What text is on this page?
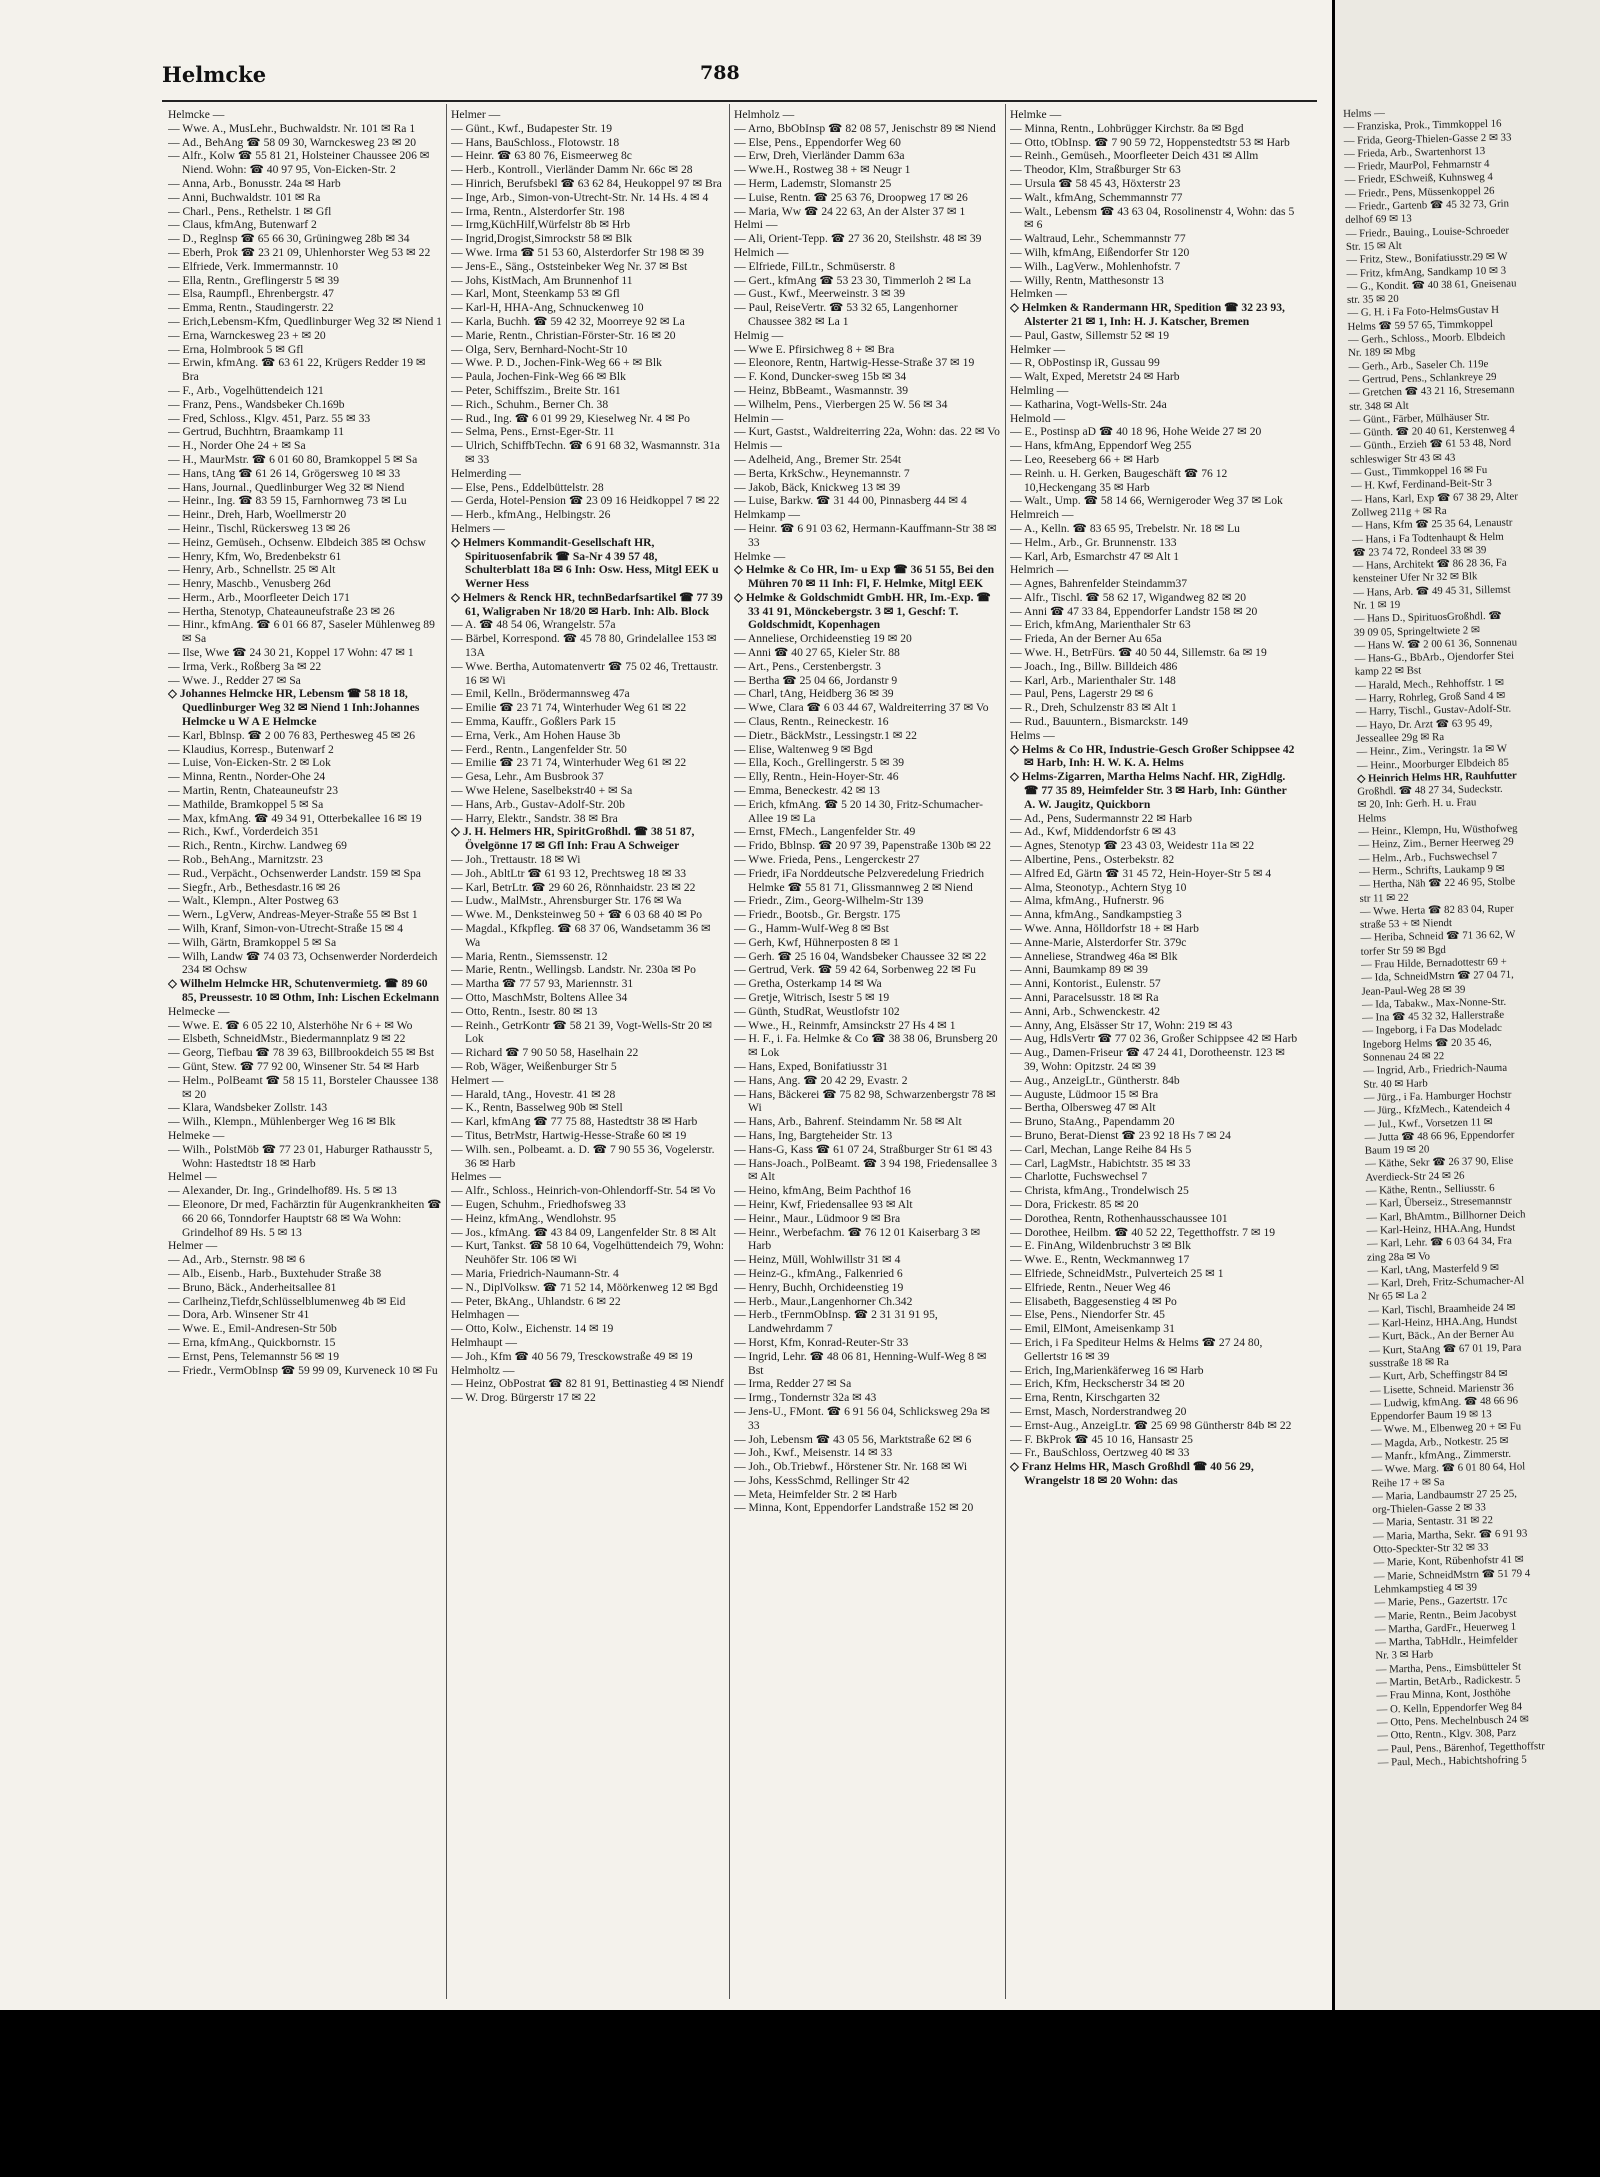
Helmcke	788
Helmcke —
— Wwe. A., MusLehr., Buchwaldstr. Nr. 101 ✉ Ra 1
— Ad., BehAng ☎ 58 09 30, Warnckesweg 23 ✉ 20
— Alfr., Kolw ☎ 55 81 21, Holsteiner Chaussee 206 ✉ Niend. Wohn: ☎ 40 97 95, Von-Eicken-Str. 2
— Anna, Arb., Bonusstr. 24a ✉ Harb
— Anni, Buchwaldstr. 101 ✉ Ra
— Charl., Pens., Rethelstr. 1 ✉ Gfl
— Claus, kfmAng, Butenwarf 2
— D., Reglnsp ☎ 65 66 30, Grüningweg 28b ✉ 34
— Eberh, Prok ☎ 23 21 09, Uhlenhorster Weg 53 ✉ 22
— Elfriede, Verk. Immermannstr. 10
— Ella, Rentn., Greflingerstr 5 ✉ 39
— Elsa, Raumpfl., Ehrenbergstr. 47
— Emma, Rentn., Staudingerstr. 22
— Erich,Lebensm-Kfm, Quedlinburger Weg 32 ✉ Niend 1
— Erna, Warnckesweg 23 + ✉ 20
— Erna, Holmbrook 5 ✉ Gfl
— Erwin, kfmAng. ☎ 63 61 22, Krügers Redder 19 ✉ Bra
— F., Arb., Vogelhüttendeich 121
— Franz, Pens., Wandsbeker Ch.169b
— Fred, Schloss., Klgv. 451, Parz. 55 ✉ 33
— Gertrud, Buchhtrn, Braamkamp 11
— H., Norder Ohe 24 + ✉ Sa
— H., MaurMstr. ☎ 6 01 60 80, Bramkoppel 5 ✉ Sa
— Hans, tAng ☎ 61 26 14, Grögersweg 10 ✉ 33
— Hans, Journal., Quedlinburger Weg 32 ✉ Niend
— Heinr., Ing. ☎ 83 59 15, Farnhornweg 73 ✉ Lu
— Heinr., Dreh, Harb, Woellmerstr 20
— Heinr., Tischl, Rückersweg 13 ✉ 26
— Heinz, Gemüseh., Ochsenw. Elbdeich 385 ✉ Ochsw
— Henry, Kfm, Wo, Bredenbekstr 61
— Henry, Arb., Schnellstr. 25 ✉ Alt
— Henry, Maschb., Venusberg 26d
— Herm., Arb., Moorfleeter Deich 171
— Hertha, Stenotyp, Chateauneufstraße 23 ✉ 26
— Hinr., kfmAng. ☎ 6 01 66 87, Saseler Mühlenweg 89 ✉ Sa
— Ilse, Wwe ☎ 24 30 21, Koppel 17 Wohn: 47 ✉ 1
— Irma, Verk., Roßberg 3a ✉ 22
— Wwe. J., Redder 27 ✉ Sa
◇ Johannes Helmcke HR, Lebensm ☎ 58 18 18, Quedlinburger Weg 32 ✉ Niend 1 Inh:Johannes Helmcke u W A E Helmcke
— Karl, Bblnsp. ☎ 2 00 76 83, Perthesweg 45 ✉ 26
— Klaudius, Korresp., Butenwarf 2
— Luise, Von-Eicken-Str. 2 ✉ Lok
— Minna, Rentn., Norder-Ohe 24
— Martin, Rentn, Chateauneufstr 23
— Mathilde, Bramkoppel 5 ✉ Sa
— Max, kfmAng. ☎ 49 34 91, Otterbekallee 16 ✉ 19
— Rich., Kwf., Vorderdeich 351
— Rich., Rentn., Kirchw. Landweg 69
— Rob., BehAng., Marnitzstr. 23
— Rud., Verpächt., Ochsenwerder Landstr. 159 ✉ Spa
— Siegfr., Arb., Bethesdastr.16 ✉ 26
— Walt., Klempn., Alter Postweg 63
— Wern., LgVerw, Andreas-Meyer-Straße 55 ✉ Bst 1
— Wilh, Kranf, Simon-von-Utrecht-Straße 15 ✉ 4
— Wilh, Gärtn, Bramkoppel 5 ✉ Sa
— Wilh, Landw ☎ 74 03 73, Ochsenwerder Norderdeich 234 ✉ Ochsw
◇ Wilhelm Helmcke HR, Schutenvermietg. ☎ 89 60 85, Preussestr. 10 ✉ Othm, Inh: Lischen Eckelmann
Helmecke —
— Wwe. E. ☎ 6 05 22 10, Alsterhöhe Nr 6 + ✉ Wo
— Elsbeth, SchneidMstr., Biedermannplatz 9 ✉ 22
— Georg, Tiefbau ☎ 78 39 63, Billbrookdeich 55 ✉ Bst
— Günt, Stew. ☎ 77 92 00, Winsener Str. 54 ✉ Harb
— Helm., PolBeamt ☎ 58 15 11, Borsteler Chaussee 138 ✉ 20
— Klara, Wandsbeker Zollstr. 143
— Wilh., Klempn., Mühlenberger Weg 16 ✉ Blk
Helmeke —
— Wilh., PolstMöb ☎ 77 23 01, Haburger Rathausstr 5, Wohn: Hastedtstr 18 ✉ Harb
Helmel —
— Alexander, Dr. Ing., Grindelhof89. Hs. 5 ✉ 13
— Eleonore, Dr med, Fachärztin für Augenkrankheiten ☎ 66 20 66, Tonndorfer Hauptstr 68 ✉ Wa Wohn: Grindelhof 89 Hs. 5 ✉ 13
Helmer —
— Ad., Arb., Sternstr. 98 ✉ 6
— Alb., Eisenb., Harb., Buxtehuder Straße 38
— Bruno, Bäck., Anderheitsallee 81
— Carlheinz,Tiefdr,Schlüsselblumenweg 4b ✉ Eid
— Dora, Arb. Winsener Str 41
— Wwe. E., Emil-Andresen-Str 50b
— Erna, kfmAng., Quickbornstr. 15
— Ernst, Pens, Telemannstr 56 ✉ 19
— Friedr., VermObInsp ☎ 59 99 09, Kurveneck 10 ✉ Fu
Helmer —
— Günt., Kwf., Budapester Str. 19
— Hans, BauSchloss., Flotowstr. 18
— Heinr. ☎ 63 80 76, Eismeerweg 8c
— Herb., Kontroll., Vierländer Damm Nr. 66c ✉ 28
— Hinrich, Berufsbekl ☎ 63 62 84, Heukoppel 97 ✉ Bra
— Inge, Arb., Simon-von-Utrecht-Str. Nr. 14 Hs. 4 ✉ 4
— Irma, Rentn., Alsterdorfer Str. 198
— Irmg,KüchHilf,Würfelstr 8b ✉ Hrb
— Ingrid,Drogist,Simrockstr 58 ✉ Blk
— Wwe. Irma ☎ 51 53 60, Alsterdorfer Str 198 ✉ 39
— Jens-E., Säng., Oststeinbeker Weg Nr. 37 ✉ Bst
— Johs, KistMach, Am Brunnenhof 11
— Karl, Mont, Steenkamp 53 ✉ Gfl
— Karl-H, HHA-Ang, Schnuckenweg 10
— Karla, Buchh. ☎ 59 42 32, Moorreye 92 ✉ La
— Marie, Rentn., Christian-Förster-Str. 16 ✉ 20
— Olga, Serv, Bernhard-Nocht-Str 10
— Wwe. P. D., Jochen-Fink-Weg 66 + ✉ Blk
— Paula, Jochen-Fink-Weg 66 ✉ Blk
— Peter, Schiffszim., Breite Str. 161
— Rich., Schuhm., Berner Ch. 38
— Rud., Ing. ☎ 6 01 99 29, Kieselweg Nr. 4 ✉ Po
— Selma, Pens., Ernst-Eger-Str. 11
— Ulrich, SchiffbTechn. ☎ 6 91 68 32, Wasmannstr. 31a ✉ 33
Helmerding —
— Else, Pens., Eddelbüttelstr. 28
— Gerda, Hotel-Pension ☎ 23 09 16 Heidkoppel 7 ✉ 22
— Herb., kfmAng., Helbingstr. 26
Helmers —
◇ Helmers Kommandit-Gesellschaft HR, Spirituosenfabrik ☎ Sa-Nr 4 39 57 48, Schulterblatt 18a ✉ 6 Inh: Osw. Hess, Mitgl EEK u Werner Hess
◇ Helmers & Renck HR, technBedarfsartikel ☎ 77 39 61, Waligraben Nr 18/20 ✉ Harb. Inh: Alb. Block
— A. ☎ 48 54 06, Wrangelstr. 57a
— Bärbel, Korrespond. ☎ 45 78 80, Grindelallee 153 ✉ 13A
— Wwe. Bertha, Automatenvertr ☎ 75 02 46, Trettaustr. 16 ✉ Wi
— Emil, Kelln., Brödermannsweg 47a
— Emilie ☎ 23 71 74, Winterhuder Weg 61 ✉ 22
— Emma, Kauffr., Goßlers Park 15
— Erna, Verk., Am Hohen Hause 3b
— Ferd., Rentn., Langenfelder Str. 50
— Emilie ☎ 23 71 74, Winterhuder Weg 61 ✉ 22
— Gesa, Lehr., Am Busbrook 37
— Wwe Helene, Saselbekstr40 + ✉ Sa
— Hans, Arb., Gustav-Adolf-Str. 20b
— Harry, Elektr., Sandstr. 38 ✉ Bra
◇ J. H. Helmers HR, SpiritGroßhdl. ☎ 38 51 87, Övelgönne 17 ✉ Gfl Inh: Frau A Schweiger
— Joh., Trettaustr. 18 ✉ Wi
— Joh., AbltLtr ☎ 61 93 12, Prechtsweg 18 ✉ 33
— Karl, BetrLtr. ☎ 29 60 26, Rönnhaidstr. 23 ✉ 22
— Ludw., MalMstr., Ahrensburger Str. 176 ✉ Wa
— Wwe. M., Denksteinweg 50 + ☎ 6 03 68 40 ✉ Po
— Magdal., Kfkpfleg. ☎ 68 37 06, Wandsetamm 36 ✉ Wa
— Maria, Rentn., Siemssenstr. 12
— Marie, Rentn., Wellingsb. Landstr. Nr. 230a ✉ Po
— Martha ☎ 77 57 93, Mariennstr. 31
— Otto, MaschMstr, Boltens Allee 34
— Otto, Rentn., Isestr. 80 ✉ 13
— Reinh., GetrKontr ☎ 58 21 39, Vogt-Wells-Str 20 ✉ Lok
— Richard ☎ 7 90 50 58, Haselhain 22
— Rob, Wäger, Weißenburger Str 5
Helmert —
— Harald, tAng., Hovestr. 41 ✉ 28
— K., Rentn, Basselweg 90b ✉ Stell
— Karl, kfmAng ☎ 77 75 88, Hastedtstr 38 ✉ Harb
— Titus, BetrMstr, Hartwig-Hesse-Straße 60 ✉ 19
— Wilh. sen., Polbeamt. a. D. ☎ 7 90 55 36, Vogelerstr. 36 ✉ Harb
Helmes —
— Alfr., Schloss., Heinrich-von-Ohlendorff-Str. 54 ✉ Vo
— Eugen, Schuhm., Friedhofsweg 33
— Heinz, kfmAng., Wendlohstr. 95
— Jos., kfmAng. ☎ 43 84 09, Langenfelder Str. 8 ✉ Alt
— Kurt, Tankst. ☎ 58 10 64, Vogelhüttendeich 79, Wohn: Neuhöfer Str. 106 ✉ Wi
— Maria, Friedrich-Naumann-Str. 4
— N., DiplVolksw. ☎ 71 52 14, Möörkenweg 12 ✉ Bgd
— Peter, BkAng., Uhlandstr. 6 ✉ 22
Helmhagen —
— Otto, Kolw., Eichenstr. 14 ✉ 19
Helmhaupt —
— Joh., Kfm ☎ 40 56 79, Tresckowstraße 49 ✉ 19
Helmholtz —
— Heinz, ObPostrat ☎ 82 81 91, Bettinastieg 4 ✉ Niendf
— W. Drog. Bürgerstr 17 ✉ 22
Helmholz —
— Arno, BbObInsp ☎ 82 08 57, Jenischstr 89 ✉ Niend
— Else, Pens., Eppendorfer Weg 60
— Erw, Dreh, Vierländer Damm 63a
— Wwe.H., Rostweg 38 + ✉ Neugr 1
— Herm, Lademstr, Slomanstr 25
— Luise, Rentn. ☎ 25 63 76, Droopweg 17 ✉ 26
— Maria, Ww ☎ 24 22 63, An der Alster 37 ✉ 1
Helmi —
— Ali, Orient-Tepp. ☎ 27 36 20, Steilshstr. 48 ✉ 39
Helmich —
— Elfriede, FilLtr., Schmüserstr. 8
— Gert., kfmAng ☎ 53 23 30, Timmerloh 2 ✉ La
— Gust., Kwf., Meerweinstr. 3 ✉ 39
— Paul, ReiseVertr. ☎ 53 32 65, Langenhorner Chaussee 382 ✉ La 1
Helmig —
— Wwe E. Pfirsichweg 8 + ✉ Bra
— Eleonore, Rentn, Hartwig-Hesse-Straße 37 ✉ 19
— F. Kond, Duncker-sweg 15b ✉ 34
— Heinz, BbBeamt., Wasmannstr. 39
— Wilhelm, Pens., Vierbergen 25 W. 56 ✉ 34
Helmin —
— Kurt, Gastst., Waldreiterring 22a, Wohn: das. 22 ✉ Vo
Helmis —
— Adelheid, Ang., Bremer Str. 254t
— Berta, KrkSchw., Heynemannstr. 7
— Jakob, Bäck, Knickweg 13 ✉ 39
— Luise, Barkw. ☎ 31 44 00, Pinnasberg 44 ✉ 4
Helmkamp —
— Heinr. ☎ 6 91 03 62, Hermann-Kauffmann-Str 38 ✉ 33
Helmke —
◇ Helmke & Co HR, Im- u Exp ☎ 36 51 55, Bei den Mühren 70 ✉ 11 Inh: Fl, F. Helmke, Mitgl EEK
◇ Helmke & Goldschmidt GmbH. HR, Im.-Exp. ☎ 33 41 91, Mönckebergstr. 3 ✉ 1, Geschf: T. Goldschmidt, Kopenhagen
— Anneliese, Orchideenstieg 19 ✉ 20
— Anni ☎ 40 27 65, Kieler Str. 88
— Art., Pens., Cerstenbergstr. 3
— Bertha ☎ 25 04 66, Jordanstr 9
— Charl, tAng, Heidberg 36 ✉ 39
— Wwe, Clara ☎ 6 03 44 67, Waldreiterring 37 ✉ Vo
— Claus, Rentn., Reineckestr. 16
— Dietr., BäckMstr., Lessingstr.1 ✉ 22
— Elise, Waltenweg 9 ✉ Bgd
— Ella, Koch., Grellingerstr. 5 ✉ 39
— Elly, Rentn., Hein-Hoyer-Str. 46
— Emma, Beneckestr. 42 ✉ 13
— Erich, kfmAng. ☎ 5 20 14 30, Fritz-Schumacher-Allee 19 ✉ La
— Ernst, FMech., Langenfelder Str. 49
— Frido, Bblnsp. ☎ 20 97 39, Papenstraße 130b ✉ 22
— Wwe. Frieda, Pens., Lengerckestr 27
— Friedr, iFa Norddeutsche Pelzveredelung Friedrich Helmke ☎ 55 81 71, Glissmannweg 2 ✉ Niend
— Friedr., Zim., Georg-Wilhelm-Str 139
— Friedr., Bootsb., Gr. Bergstr. 175
— G., Hamm-Wulf-Weg 8 ✉ Bst
— Gerh, Kwf, Hühnerposten 8 ✉ 1
— Gerh. ☎ 25 16 04, Wandsbeker Chaussee 32 ✉ 22
— Gertrud, Verk. ☎ 59 42 64, Sorbenweg 22 ✉ Fu
— Gretha, Osterkamp 14 ✉ Wa
— Gretje, Witrisch, Isestr 5 ✉ 19
— Günth, StudRat, Weustlofstr 102
— Wwe., H., Reinmfr, Amsinckstr 27 Hs 4 ✉ 1
— H. F., i. Fa. Helmke & Co ☎ 38 38 06, Brunsberg 20 ✉ Lok
— Hans, Exped, Bonifatiusstr 31
— Hans, Ang. ☎ 20 42 29, Evastr. 2
— Hans, Bäckerei ☎ 75 82 98, Schwarzenbergstr 78 ✉ Wi
— Hans, Arb., Bahrenf. Steindamm Nr. 58 ✉ Alt
— Hans, Ing, Bargteheider Str. 13
— Hans-G, Kass ☎ 61 07 24, Straßburger Str 61 ✉ 43
— Hans-Joach., PolBeamt. ☎ 3 94 198, Friedensallee 3 ✉ Alt
— Heino, kfmAng, Beim Pachthof 16
— Heinr, Kwf, Friedensallee 93 ✉ Alt
— Heinr., Maur., Lüdmoor 9 ✉ Bra
— Heinr., Werbefachm. ☎ 76 12 01 Kaiserbarg 3 ✉ Harb
— Heinz, Müll, Wohlwillstr 31 ✉ 4
— Heinz-G., kfmAng., Falkenried 6
— Henry, Buchh, Orchideenstieg 19
— Herb., Maur.,Langenhorner Ch.342
— Herb., tFernmObInsp. ☎ 2 31 31 91 95, Landwehrdamm 7
— Horst, Kfm, Konrad-Reuter-Str 33
— Ingrid, Lehr. ☎ 48 06 81, Henning-Wulf-Weg 8 ✉ Bst
— Irma, Redder 27 ✉ Sa
— Irmg., Tondernstr 32a ✉ 43
— Jens-U., FMont. ☎ 6 91 56 04, Schlicksweg 29a ✉ 33
— Joh, Lebensm ☎ 43 05 56, Marktstraße 62 ✉ 6
— Joh., Kwf., Meisenstr. 14 ✉ 33
— Joh., Ob.Triebwf., Hörstener Str. Nr. 168 ✉ Wi
— Johs, KessSchmd, Rellinger Str 42
— Meta, Heimfelder Str. 2 ✉ Harb
— Minna, Kont, Eppendorfer Landstraße 152 ✉ 20
Helmke —
— Minna, Rentn., Lohbrügger Kirchstr. 8a ✉ Bgd
— Otto, tObInsp. ☎ 7 90 59 72, Hoppenstedtstr 53 ✉ Harb
— Reinh., Gemüseh., Moorfleeter Deich 431 ✉ Allm
— Theodor, Klm, Straßburger Str 63
— Ursula ☎ 58 45 43, Höxterstr 23
— Walt., kfmAng, Schemmannstr 77
— Walt., Lebensm ☎ 43 63 04, Rosolinenstr 4, Wohn: das 5 ✉ 6
— Waltraud, Lehr., Schemmannstr 77
— Wilh, kfmAng, Eißendorfer Str 120
— Wilh., LagVerw., Mohlenhofstr. 7
— Willy, Rentn, Matthesonstr 13
Helmken —
◇ Helmken & Randermann HR, Spedition ☎ 32 23 93, Alsterter 21 ✉ 1, Inh: H. J. Katscher, Bremen
— Paul, Gastw, Sillemstr 52 ✉ 19
Helmker —
— R, ObPostinsp iR, Gussau 99
— Walt, Exped, Meretstr 24 ✉ Harb
Helmling —
— Katharina, Vogt-Wells-Str. 24a
Helmold —
— E., Postinsp aD ☎ 40 18 96, Hohe Weide 27 ✉ 20
— Hans, kfmAng, Eppendorf Weg 255
— Leo, Reeseberg 66 + ✉ Harb
— Reinh. u. H. Gerken, Baugeschäft ☎ 76 12 10,Heckengang 35 ✉ Harb
— Walt., Ump. ☎ 58 14 66, Wernigeroder Weg 37 ✉ Lok
Helmreich —
— A., Kelln. ☎ 83 65 95, Trebelstr. Nr. 18 ✉ Lu
— Helm., Arb., Gr. Brunnenstr. 133
— Karl, Arb, Esmarchstr 47 ✉ Alt 1
Helmrich —
— Agnes, Bahrenfelder Steindamm37
— Alfr., Tischl. ☎ 58 62 17, Wigandweg 82 ✉ 20
— Anni ☎ 47 33 84, Eppendorfer Landstr 158 ✉ 20
— Erich, kfmAng, Marienthaler Str 63
— Frieda, An der Berner Au 65a
— Wwe. H., BetrFürs. ☎ 40 50 44, Sillemstr. 6a ✉ 19
— Joach., Ing., Billw. Billdeich 486
— Karl, Arb., Marienthaler Str. 148
— Paul, Pens, Lagerstr 29 ✉ 6
— R., Dreh, Schulzenstr 83 ✉ Alt 1
— Rud., Bauuntern., Bismarckstr. 149
Helms —
◇ Helms & Co HR, Industrie-Gesch Großer Schippsee 42 ✉ Harb, Inh: H. W. K. A. Helms
◇ Helms-Zigarren, Martha Helms Nachf. HR, ZigHdlg. ☎ 77 35 89, Heimfelder Str. 3 ✉ Harb, Inh: Günther A. W. Jaugitz, Quickborn
— Ad., Pens, Sudermannstr 22 ✉ Harb
— Ad., Kwf, Middendorfstr 6 ✉ 43
— Agnes, Stenotyp ☎ 23 43 03, Weidestr 11a ✉ 22
— Albertine, Pens., Osterbekstr. 82
— Alfred Ed, Gärtn ☎ 31 45 72, Hein-Hoyer-Str 5 ✉ 4
— Alma, Steonotyp., Achtern Styg 10
— Alma, kfmAng., Hufnerstr. 96
— Anna, kfmAng., Sandkampstieg 3
— Wwe. Anna, Hölldorfstr 18 + ✉ Harb
— Anne-Marie, Alsterdorfer Str. 379c
— Anneliese, Strandweg 46a ✉ Blk
— Anni, Baumkamp 89 ✉ 39
— Anni, Kontorist., Eulenstr. 57
— Anni, Paracelsusstr. 18 ✉ Ra
— Anni, Arb., Schwenckestr. 42
— Anny, Ang, Elsässer Str 17, Wohn: 219 ✉ 43
— Aug, HdlsVertr ☎ 77 02 36, Großer Schippsee 42 ✉ Harb
— Aug., Damen-Friseur ☎ 47 24 41, Dorotheenstr. 123 ✉ 39, Wohn: Opitzstr. 24 ✉ 39
— Aug., AnzeigLtr., Güntherstr. 84b
— Auguste, Lüdmoor 15 ✉ Bra
— Bertha, Olbersweg 47 ✉ Alt
— Bruno, StaAng., Papendamm 20
— Bruno, Berat-Dienst ☎ 23 92 18 Hs 7 ✉ 24
— Carl, Mechan, Lange Reihe 84 Hs 5
— Carl, LagMstr., Habichtstr. 35 ✉ 33
— Charlotte, Fuchswechsel 7
— Christa, kfmAng., Trondelwisch 25
— Dora, Frickestr. 85 ✉ 20
— Dorothea, Rentn, Rothenhausschaussee 101
— Dorothee, Heilbm. ☎ 40 52 22, Tegetthoffstr. 7 ✉ 19
— E. FinAng, Wildenbruchstr 3 ✉ Blk
— Wwe. E., Rentn, Weckmannweg 17
— Elfriede, SchneidMstr., Pulverteich 25 ✉ 1
— Elfriede, Rentn., Neuer Weg 46
— Elisabeth, Baggesenstieg 4 ✉ Po
— Else, Pens., Niendorfer Str. 45
— Emil, ElMont, Ameisenkamp 31
— Erich, i Fa Spediteur Helms & Helms ☎ 27 24 80, Gellertstr 16 ✉ 39
— Erich, Ing,Marienkäferweg 16 ✉ Harb
— Erich, Kfm, Heckscherstr 34 ✉ 20
— Erna, Rentn, Kirschgarten 32
— Ernst, Masch, Norderstrandweg 20
— Ernst-Aug., AnzeigLtr. ☎ 25 69 98 Güntherstr 84b ✉ 22
— F. BkProk ☎ 45 10 16, Hansastr 25
— Fr., BauSchloss, Oertzweg 40 ✉ 33
◇ Franz Helms HR, Masch Großhdl ☎ 40 56 29, Wrangelstr 18 ✉ 20 Wohn: das
Helms —
— Franziska, Prok., Timmkoppel 16
— Frida, Georg-Thielen-Gasse 2 ✉ 33
— Frieda, Arb., Swartenhorst 13
— Friedr, MaurPol, Fehmarnstr 4
— Friedr, ESchweiß, Kuhnsweg 4
— Friedr., Pens, Müssenkoppel 26
— Friedr., Gartenb ☎ 45 32 73, Grin
delhof 69 ✉ 13
— Friedr., Bauing., Louise-Schroeder
Str. 15 ✉ Alt
— Fritz, Stew., Bonifatiusstr.29 ✉ W
— Fritz, kfmAng, Sandkamp 10 ✉ 3
— G., Kondit. ☎ 40 38 61, Gneisenau
str. 35 ✉ 20
— G. H. i Fa Foto-HelmsGustav H
Helms ☎ 59 57 65, Timmkoppel
— Gerh., Schloss., Moorb. Elbdeich
Nr. 189 ✉ Mbg
— Gerh., Arb., Saseler Ch. 119e
— Gertrud, Pens., Schlankreye 29
— Gretchen ☎ 43 21 16, Stresemann
str. 348 ✉ Alt
— Günt., Färber, Mülhäuser Str.
— Günth. ☎ 20 40 61, Kerstenweg 4
— Günth., Erzieh ☎ 61 53 48, Nord
schleswiger Str 43 ✉ 43
— Gust., Timmkoppel 16 ✉ Fu
— H. Kwf, Ferdinand-Beit-Str 3
— Hans, Karl, Exp ☎ 67 38 29, Alter
Zollweg 211g + ✉ Ra
— Hans, Kfm ☎ 25 35 64, Lenaustr
— Hans, i Fa Todtenhaupt & Helm
☎ 23 74 72, Rondeel 33 ✉ 39
— Hans, Architekt ☎ 86 28 36, Fa
kensteiner Ufer Nr 32 ✉ Blk
— Hans, Arb. ☎ 49 45 31, Sillemst
Nr. 1 ✉ 19
— Hans D., SpirituosGroßhdl. ☎
39 09 05, Springeltwiete 2 ✉
— Hans W. ☎ 2 00 61 36, Sonnenau
— Hans-G., BbArb., Ojendorfer Stei
kamp 22 ✉ Bst
— Harald, Mech., Rehhoffstr. 1 ✉
— Harry, Rohrleg, Groß Sand 4 ✉
— Harry, Tischl., Gustav-Adolf-Str.
— Hayo, Dr. Arzt ☎ 63 95 49,
Jesseallee 29g ✉ Ra
— Heinr., Zim., Veringstr. 1a ✉ W
— Heinr., Moorburger Elbdeich 85
◇ Heinrich Helms HR, Rauhfutter
Großhdl. ☎ 48 27 34, Sudeckstr.
✉ 20, Inh: Gerh. H. u. Frau
Helms
— Heinr., Klempn, Hu, Wüsthofweg
— Heinz, Zim., Berner Heerweg 29
— Helm., Arb., Fuchswechsel 7
— Herm., Schrifts, Laukamp 9 ✉
— Hertha, Näh ☎ 22 46 95, Stolbe
str 11 ✉ 22
— Wwe. Herta ☎ 82 83 04, Ruper
straße 53 + ✉ Niendt
— Heriba, Schneid ☎ 71 36 62, W
torfer Str 59 ✉ Bgd
— Frau Hilde, Bernadottestr 69 +
— Ida, SchneidMstrn ☎ 27 04 71,
Jean-Paul-Weg 28 ✉ 39
— Ida, Tabakw., Max-Nonne-Str.
— Ina ☎ 45 32 32, Hallerstraße
— Ingeborg, i Fa Das Modeladc
Ingeborg Helms ☎ 20 35 46,
Sonnenau 24 ✉ 22
— Ingrid, Arb., Friedrich-Nauma
Str. 40 ✉ Harb
— Jürg., i Fa. Hamburger Hochstr
— Jürg., KfzMech., Katendeich 4
— Jul., Kwf., Vorsetzen 11 ✉
— Jutta ☎ 48 66 96, Eppendorfer
Baum 19 ✉ 20
— Käthe, Sekr ☎ 26 37 90, Elise
Averdieck-Str 24 ✉ 26
— Käthe, Rentn., Selliusstr. 6
— Karl, Überseiz., Stresemannstr
— Karl, BhAmtm., Billhorner Deich
— Karl-Heinz, HHA.Ang, Hundst
— Karl, Lehr. ☎ 6 03 64 34, Fra
zing 28a ✉ Vo
— Karl, tAng, Masterfeld 9 ✉
— Karl, Dreh, Fritz-Schumacher-Al
Nr 65 ✉ La 2
— Karl, Tischl, Braamheide 24 ✉
— Karl-Heinz, HHA.Ang, Hundst
— Kurt, Bäck., An der Berner Au
— Kurt, StaAng ☎ 67 01 19, Para
susstraße 18 ✉ Ra
— Kurt, Arb, Scheffingstr 84 ✉
— Lisette, Schneid. Marienstr 36
— Ludwig, kfmAng. ☎ 48 66 96
Eppendorfer Baum 19 ✉ 13
— Wwe. M., Elbenweg 20 + ✉ Fu
— Magda, Arb., Notkestr. 25 ✉
— Manfr., kfmAng., Zimmerstr.
— Wwe. Marg. ☎ 6 01 80 64, Hol
Reihe 17 + ✉ Sa
— Maria, Landbaumstr 27 25 25,
org-Thielen-Gasse 2 ✉ 33
— Maria, Sentastr. 31 ✉ 22
— Maria, Martha, Sekr. ☎ 6 91 93
Otto-Speckter-Str 32 ✉ 33
— Marie, Kont, Rübenhofstr 41 ✉
— Marie, SchneidMstrn ☎ 51 79 4
Lehmkampstieg 4 ✉ 39
— Marie, Pens., Gazertstr. 17c
— Marie, Rentn., Beim Jacobyst
— Martha, GardFr., Heuerweg 1
— Martha, TabHdlr., Heimfelder
Nr. 3 ✉ Harb
— Martha, Pens., Eimsbütteler St
— Martin, BetArb., Radickestr. 5
— Frau Minna, Kont, Josthöhe
— O. Kelln, Eppendorfer Weg 84
— Otto, Pens. Mechelnbusch 24 ✉
— Otto, Rentn., Klgv. 308, Parz
— Paul, Pens., Bärenhof, Tegetthoffstr
— Paul, Mech., Habichtshofring 5
